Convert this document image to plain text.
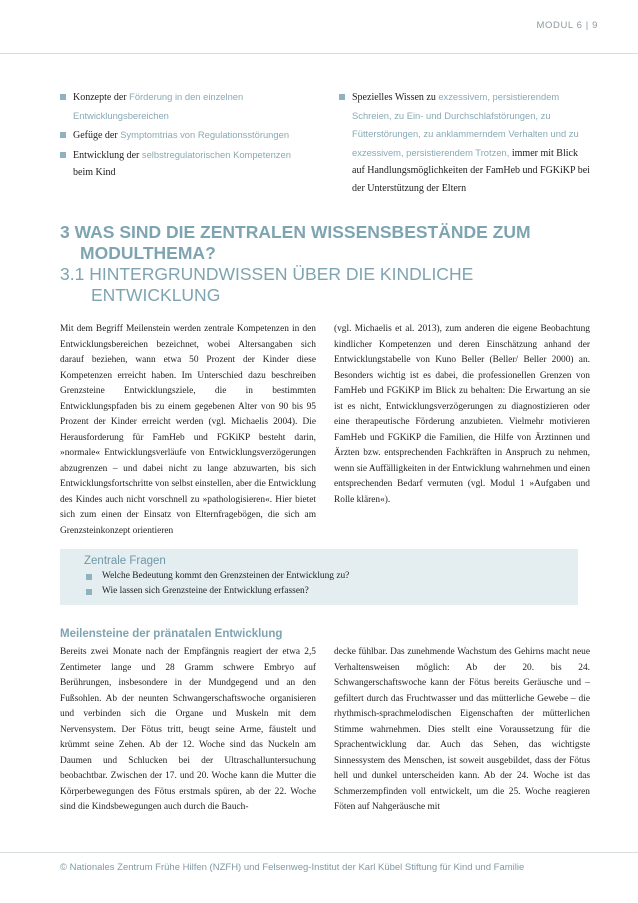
MODUL 6 | 9
Konzepte der Förderung in den einzelnen Entwicklungsbereichen
Gefüge der Symptomtrias von Regulationsstörungen
Entwicklung der selbstregulatorischen Kompetenzen beim Kind
Spezielles Wissen zu exzessivem, persistierendem Schreien, zu Ein- und Durchschlafstörungen, zu Fütterstörungen, zu anklammerndem Verhalten und zu exzessivem, persistierendem Trotzen, immer mit Blick auf Handlungsmöglichkeiten der FamHeb und FGKiKP bei der Unterstützung der Eltern
3 WAS SIND DIE ZENTRALEN WISSENSBESTÄNDE ZUM
MODULTHEMA?
3.1 HINTERGRUNDWISSEN ÜBER DIE KINDLICHE
ENTWICKLUNG
Mit dem Begriff Meilenstein werden zentrale Kompetenzen in den Entwicklungsbereichen bezeichnet, wobei Altersangaben sich darauf beziehen, wann etwa 50 Prozent der Kinder diese Kompetenzen erreicht haben. Im Unterschied dazu beschreiben Grenzsteine Entwicklungsziele, die in bestimmten Entwicklungspfaden bis zu einem gegebenen Alter von 90 bis 95 Prozent der Kinder erreicht werden (vgl. Michaelis 2004). Die Herausforderung für FamHeb und FGKiKP besteht darin, »normale« Entwicklungsverläufe von Entwicklungsverzögerungen abzugrenzen – und dabei nicht zu lange abzuwarten, bis sich Entwicklungsfortschritte von selbst einstellen, aber die Entwicklung des Kindes auch nicht vorschnell zu »pathologisieren«. Hier bietet sich zum einen der Einsatz von Elternfragebögen, die sich am Grenzsteinkonzept orientieren
(vgl. Michaelis et al. 2013), zum anderen die eigene Beobachtung kindlicher Kompetenzen und deren Einschätzung anhand der Entwicklungstabelle von Kuno Beller (Beller/ Beller 2000) an. Besonders wichtig ist es dabei, die professionellen Grenzen von FamHeb und FGKiKP im Blick zu behalten: Die Erwartung an sie ist es nicht, Entwicklungsverzögerungen zu diagnostizieren oder eine therapeutische Förderung anzubieten. Vielmehr motivieren FamHeb und FGKiKP die Familien, die Hilfe von Ärztinnen und Ärzten bzw. entsprechenden Fachkräften in Anspruch zu nehmen, wenn sie Auffälligkeiten in der Entwicklung wahrnehmen und einen entsprechenden Bedarf vermuten (vgl. Modul 1 »Aufgaben und Rolle klären«).
Zentrale Fragen
Welche Bedeutung kommt den Grenzsteinen der Entwicklung zu?
Wie lassen sich Grenzsteine der Entwicklung erfassen?
Meilensteine der pränatalen Entwicklung
Bereits zwei Monate nach der Empfängnis reagiert der etwa 2,5 Zentimeter lange und 28 Gramm schwere Embryo auf Berührungen, insbesondere in der Mundgegend und an den Fußsohlen. Ab der neunten Schwangerschaftswoche organisieren und verbinden sich die Organe und Muskeln mit dem Nervensystem. Der Fötus tritt, beugt seine Arme, fäustelt und krümmt seine Zehen. Ab der 12. Woche sind das Nuckeln am Daumen und Schlucken bei der Ultraschalluntersuchung beobachtbar. Zwischen der 17. und 20. Woche kann die Mutter die Körperbewegungen des Fötus erstmals spüren, ab der 22. Woche sind die Kindsbewegungen auch durch die Bauch-
decke fühlbar. Das zunehmende Wachstum des Gehirns macht neue Verhaltensweisen möglich: Ab der 20. bis 24. Schwangerschaftswoche kann der Fötus bereits Geräusche und – gefiltert durch das Fruchtwasser und das mütterliche Gewebe – die rhythmisch-sprachmelodischen Eigenschaften der mütterlichen Stimme wahrnehmen. Dies stellt eine Voraussetzung für die Sprachentwicklung dar. Auch das Sehen, das wichtigste Sinnessystem des Menschen, ist soweit ausgebildet, dass der Fötus hell und dunkel unterscheiden kann. Ab der 24. Woche ist das Schmerzempfinden voll entwickelt, um die 25. Woche reagieren Föten auf Nahgeräusche mit
© Nationales Zentrum Frühe Hilfen (NZFH) und Felsenweg-Institut der Karl Kübel Stiftung für Kind und Familie
